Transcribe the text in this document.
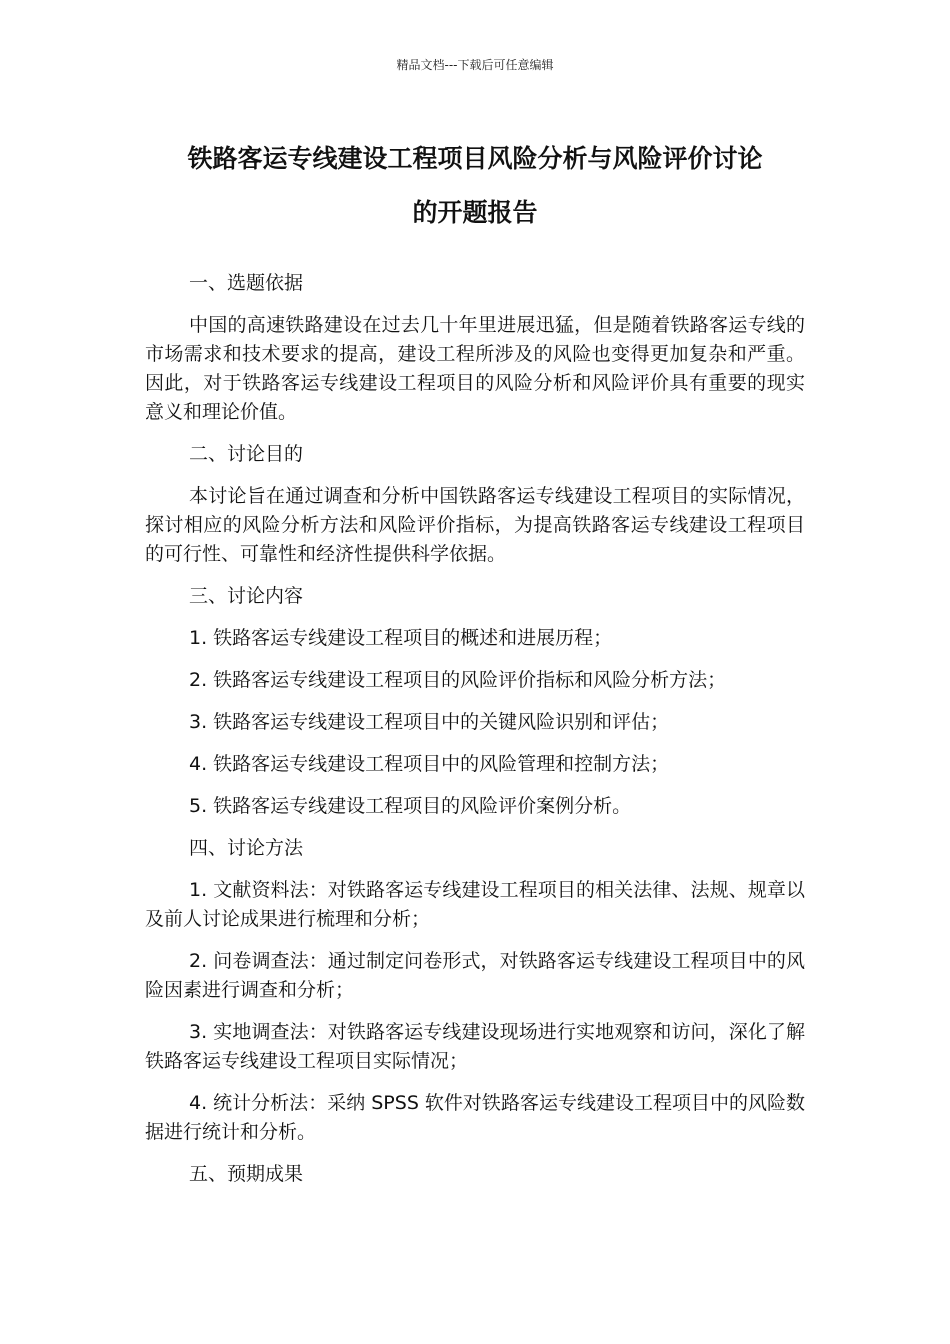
精品文档---下载后可任意编辑
铁路客运专线建设工程项目风险分析与风险评价讨论
的开题报告

一、选题依据

中国的高速铁路建设在过去几十年里进展迅猛，但是随着铁路客运专线的市场需求和技术要求的提高，建设工程所涉及的风险也变得更加复杂和严重。因此，对于铁路客运专线建设工程项目的风险分析和风险评价具有重要的现实意义和理论价值。

二、讨论目的

本讨论旨在通过调查和分析中国铁路客运专线建设工程项目的实际情况，探讨相应的风险分析方法和风险评价指标，为提高铁路客运专线建设工程项目的可行性、可靠性和经济性提供科学依据。

三、讨论内容

1. 铁路客运专线建设工程项目的概述和进展历程；

2. 铁路客运专线建设工程项目的风险评价指标和风险分析方法；

3. 铁路客运专线建设工程项目中的关键风险识别和评估；

4. 铁路客运专线建设工程项目中的风险管理和控制方法；

5. 铁路客运专线建设工程项目的风险评价案例分析。

四、讨论方法

1. 文献资料法：对铁路客运专线建设工程项目的相关法律、法规、规章以及前人讨论成果进行梳理和分析；

2. 问卷调查法：通过制定问卷形式，对铁路客运专线建设工程项目中的风险因素进行调查和分析；

3. 实地调查法：对铁路客运专线建设现场进行实地观察和访问，深化了解铁路客运专线建设工程项目实际情况；

4. 统计分析法：采纳 SPSS 软件对铁路客运专线建设工程项目中的风险数据进行统计和分析。

五、预期成果
